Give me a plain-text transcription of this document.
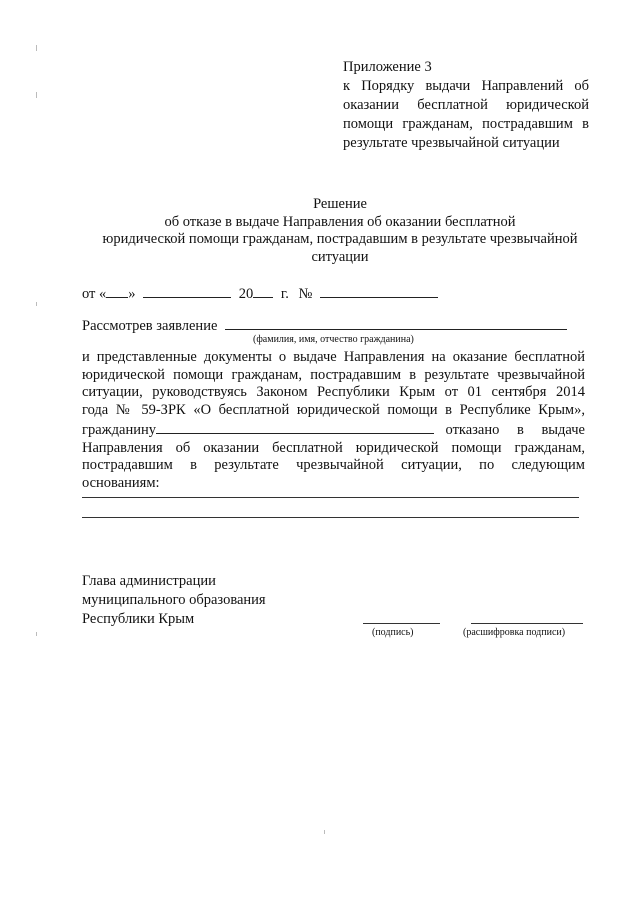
Приложение 3
к Порядку выдачи Направлений об
оказании бесплатной юридической
помощи гражданам, пострадавшим в
результате чрезвычайной ситуации
Решение
об отказе в выдаче Направления об оказании бесплатной
юридической помощи гражданам, пострадавшим в результате чрезвычайной
ситуации
от « »	20 г. №
Рассмотрев заявление
(фамилия, имя, отчество гражданина)
и представленные документы о выдаче Направления на оказание бесплатной
юридической помощи гражданам, пострадавшим в результате чрезвычайной
ситуации, руководствуясь Законом Республики Крым от 01 сентября 2014
года № 59-ЗРК «О бесплатной юридической помощи в Республике Крым»,
гражданину	отказано в выдаче
Направления об оказании бесплатной юридической помощи гражданам,
пострадавшим в результате чрезвычайной ситуации, по следующим
основаниям:
Глава администрации
муниципального образования
Республики Крым
(подпись)	(расшифровка подписи)
